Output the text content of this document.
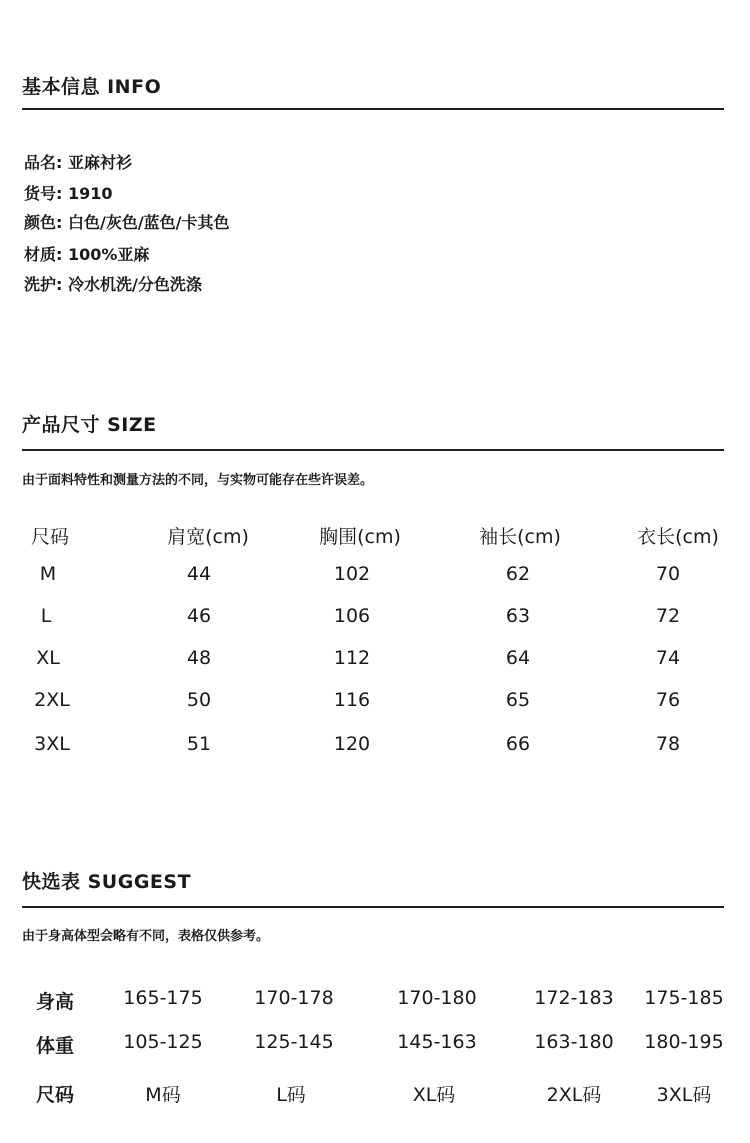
基本信息 INFO
品名: 亚麻衬衫
货号: 1910
颜色: 白色/灰色/蓝色/卡其色
材质: 100%亚麻
洗护: 冷水机洗/分色洗涤
产品尺寸 SIZE
由于面料特性和测量方法的不同，与实物可能存在些许误差。
尺码	肩宽(cm)	胸围(cm)	袖长(cm)	衣长(cm)
M	44	102	62	70
L	46	106	63	72
XL	48	112	64	74
2XL	50	116	65	76
3XL	51	120	66	78
快选表 SUGGEST
由于身高体型会略有不同，表格仅供参考。
身高	165-175	170-178	170-180	172-183 175-185
体重	105-125	125-145	145-163	163-180 180-195
尺码	M码	L码	XL码	2XL码	3XL码
